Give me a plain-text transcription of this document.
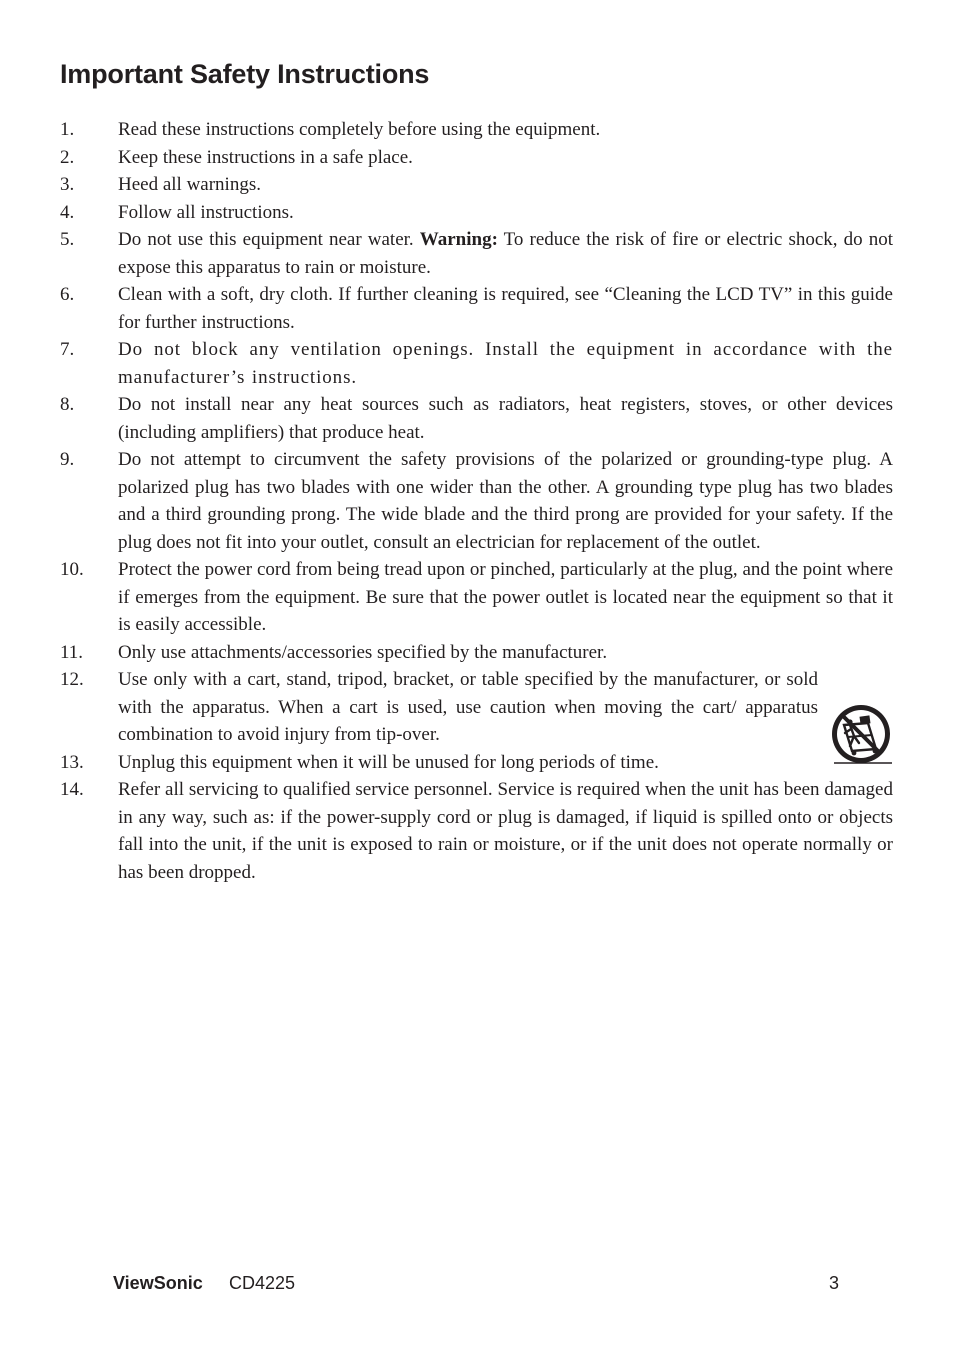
Important Safety Instructions
1. Read these instructions completely before using the equipment.
2. Keep these instructions in a safe place.
3. Heed all warnings.
4. Follow all instructions.
5. Do not use this equipment near water. Warning: To reduce the risk of fire or electric shock, do not expose this apparatus to rain or moisture.
6. Clean with a soft, dry cloth. If further cleaning is required, see “Cleaning the LCD TV” in this guide for further instructions.
7. Do not block any ventilation openings. Install the equipment in accordance with the manufacturer’s instructions.
8. Do not install near any heat sources such as radiators, heat registers, stoves, or other devices (including amplifiers) that produce heat.
9. Do not attempt to circumvent the safety provisions of the polarized or grounding-type plug. A polarized plug has two blades with one wider than the other. A grounding type plug has two blades and a third grounding prong. The wide blade and the third prong are provided for your safety. If the plug does not fit into your outlet, consult an electrician for replacement of the outlet.
10. Protect the power cord from being tread upon or pinched, particularly at the plug, and the point where if emerges from the equipment. Be sure that the power outlet is located near the equipment so that it is easily accessible.
11. Only use attachments/accessories specified by the manufacturer.
12. Use only with a cart, stand, tripod, bracket, or table specified by the manufacturer, or sold with the apparatus. When a cart is used, use caution when moving the cart/ apparatus combination to avoid injury from tip-over.
13. Unplug this equipment when it will be unused for long periods of time.
14. Refer all servicing to qualified service personnel. Service is required when the unit has been damaged in any way, such as: if the power-supply cord or plug is damaged, if liquid is spilled onto or objects fall into the unit, if the unit is exposed to rain or moisture, or if the unit does not operate normally or has been dropped.
ViewSonic CD4225	3
